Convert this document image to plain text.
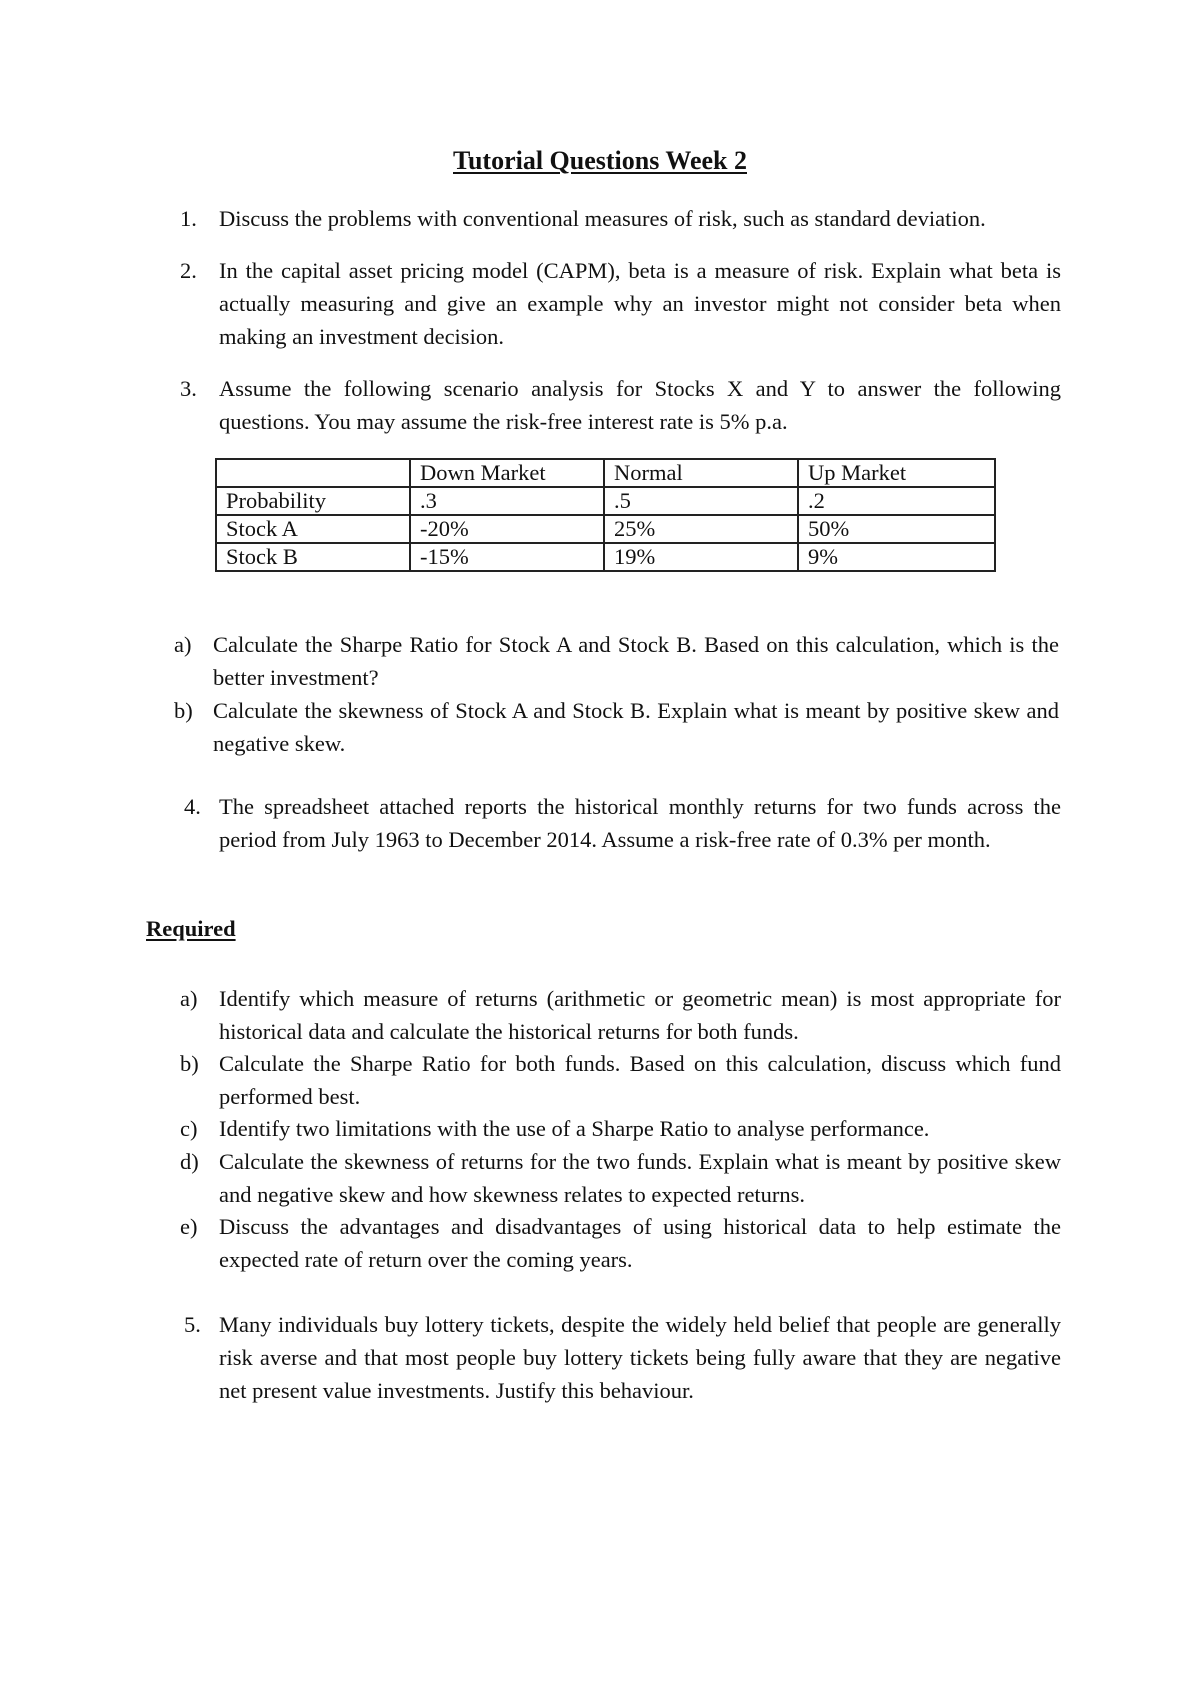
Tutorial Questions Week 2
1. Discuss the problems with conventional measures of risk, such as standard deviation.
2. In the capital asset pricing model (CAPM), beta is a measure of risk. Explain what beta is actually measuring and give an example why an investor might not consider beta when making an investment decision.
3. Assume the following scenario analysis for Stocks X and Y to answer the following questions. You may assume the risk-free interest rate is 5% p.a.
	Down Market	Normal	Up Market
Probability	.3	.5	.2
Stock A	-20%	25%	50%
Stock B	-15%	19%	9%
a) Calculate the Sharpe Ratio for Stock A and Stock B. Based on this calculation, which is the better investment?
b) Calculate the skewness of Stock A and Stock B. Explain what is meant by positive skew and negative skew.
4. The spreadsheet attached reports the historical monthly returns for two funds across the period from July 1963 to December 2014. Assume a risk-free rate of 0.3% per month.
Required
a) Identify which measure of returns (arithmetic or geometric mean) is most appropriate for historical data and calculate the historical returns for both funds.
b) Calculate the Sharpe Ratio for both funds. Based on this calculation, discuss which fund performed best.
c) Identify two limitations with the use of a Sharpe Ratio to analyse performance.
d) Calculate the skewness of returns for the two funds. Explain what is meant by positive skew and negative skew and how skewness relates to expected returns.
e) Discuss the advantages and disadvantages of using historical data to help estimate the expected rate of return over the coming years.
5. Many individuals buy lottery tickets, despite the widely held belief that people are generally risk averse and that most people buy lottery tickets being fully aware that they are negative net present value investments. Justify this behaviour.
